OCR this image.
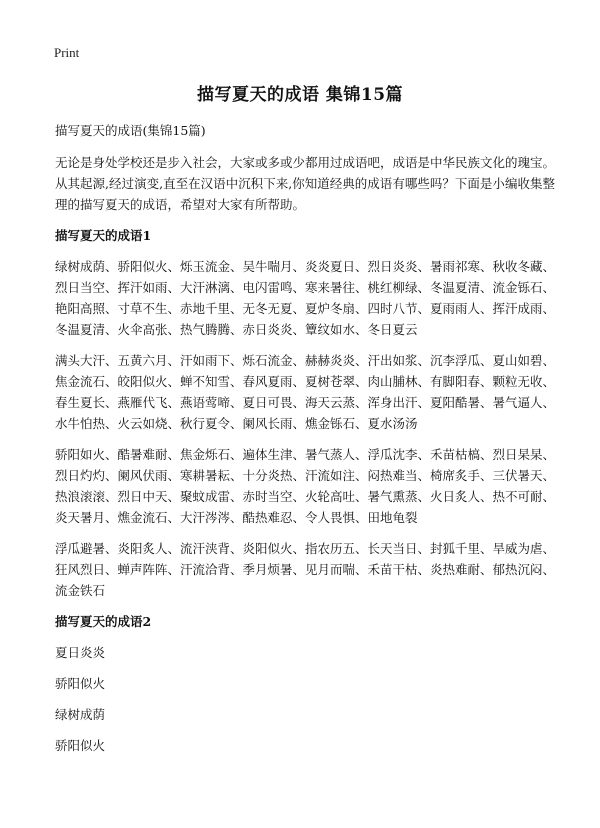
Print
描写夏天的成语 集锦15篇

描写夏天的成语(集锦15篇)

无论是身处学校还是步入社会，大家或多或少都用过成语吧，成语是中华民族文化的瑰宝。从其起源,经过演变,直至在汉语中沉积下来,你知道经典的成语有哪些吗？下面是小编收集整理的描写夏天的成语，希望对大家有所帮助。

描写夏天的成语1

绿树成荫、骄阳似火、烁玉流金、吴牛喘月、炎炎夏日、烈日炎炎、暑雨祁寒、秋收冬藏、烈日当空、挥汗如雨、大汗淋漓、电闪雷鸣、寒来暑往、桃红柳绿、冬温夏清、流金铄石、艳阳高照、寸草不生、赤地千里、无冬无夏、夏炉冬扇、四时八节、夏雨雨人、挥汗成雨、冬温夏清、火伞高张、热气腾腾、赤日炎炎、簟纹如水、冬日夏云

满头大汗、五黄六月、汗如雨下、烁石流金、赫赫炎炎、汗出如浆、沉李浮瓜、夏山如碧、焦金流石、皎阳似火、蝉不知雪、春风夏雨、夏树苍翠、肉山脯林、有脚阳春、颗粒无收、春生夏长、燕雁代飞、燕语莺啼、夏日可畏、海天云蒸、浑身出汗、夏阳酷暑、暑气逼人、水牛怕热、火云如烧、秋行夏令、阑风长雨、燋金铄石、夏水汤汤

骄阳如火、酷暑难耐、焦金烁石、遍体生津、暑气蒸人、浮瓜沈李、禾苗枯槁、烈日杲杲、烈日灼灼、阑风伏雨、寒耕暑耘、十分炎热、汗流如注、闷热难当、椅席炙手、三伏暑天、热浪滚滚、烈日中天、聚蚊成雷、赤时当空、火轮高吐、暑气熏蒸、火日炙人、热不可耐、炎天暑月、燋金流石、大汗涔涔、酷热难忍、令人畏惧、田地龟裂

浮瓜避暑、炎阳炙人、流汗浃背、炎阳似火、指农历五、长天当日、封狐千里、旱威为虐、狂风烈日、蝉声阵阵、汗流洽背、季月烦暑、见月而喘、禾苗干枯、炎热难耐、郁热沉闷、流金铁石

描写夏天的成语2

夏日炎炎

骄阳似火

绿树成荫

骄阳似火
